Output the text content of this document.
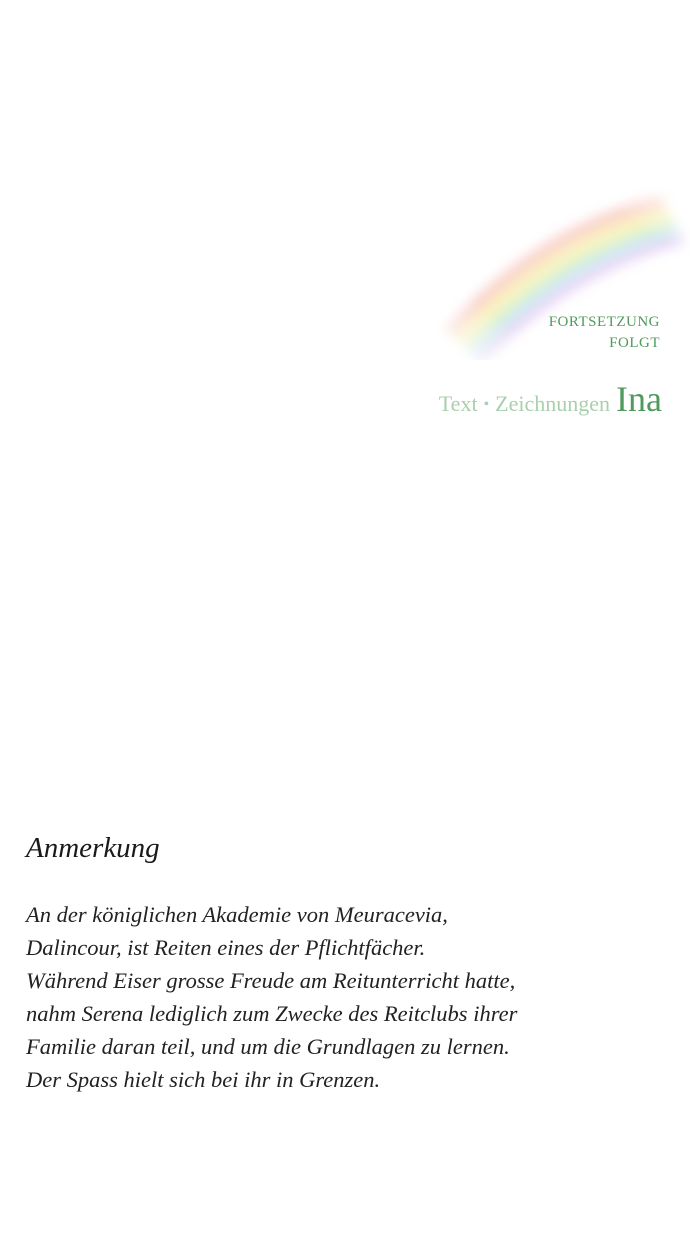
FORTSETZUNG
FOLGT
Text • Zeichnungen Ina
Anmerkung
An der königlichen Akademie von Meuracevia,
Dalincour, ist Reiten eines der Pflichtfächer.
Während Eiser grosse Freude am Reitunterricht hatte,
nahm Serena lediglich zum Zwecke des Reitclubs ihrer
Familie daran teil, und um die Grundlagen zu lernen.
Der Spass hielt sich bei ihr in Grenzen.
